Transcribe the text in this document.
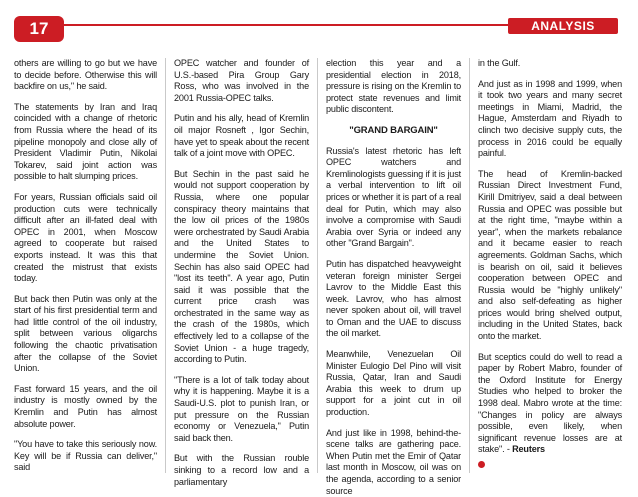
17	ANALYSIS

others are willing to go but we have to decide before. Otherwise this will backfire on us," he said.

The statements by Iran and Iraq coincided with a change of rhetoric from Russia where the head of its pipeline monopoly and close ally of President Vladimir Putin, Nikolai Tokarev, said joint action was possible to halt slumping prices.

For years, Russian officials said oil production cuts were technically difficult after an ill-fated deal with OPEC in 2001, when Moscow agreed to cooperate but raised exports instead. It was this that created the mistrust that exists today.

But back then Putin was only at the start of his first presidential term and had little control of the oil industry, split between various oligarchs following the chaotic privatisation after the collapse of the Soviet Union.

Fast forward 15 years, and the oil industry is mostly owned by the Kremlin and Putin has almost absolute power.

"You have to take this seriously now. Key will be if Russia can deliver," said

OPEC watcher and founder of U.S.-based Pira Group Gary Ross, who was involved in the 2001 Russia-OPEC talks.

Putin and his ally, head of Kremlin oil major Rosneft , Igor Sechin, have yet to speak about the recent talk of a joint move with OPEC.

But Sechin in the past said he would not support cooperation by Russia, where one popular conspiracy theory maintains that the low oil prices of the 1980s were orchestrated by Saudi Arabia and the United States to undermine the Soviet Union. Sechin has also said OPEC had "lost its teeth". A year ago, Putin said it was possible that the current price crash was orchestrated in the same way as the crash of the 1980s, which effectively led to a collapse of the Soviet Union - a huge tragedy, according to Putin.

"There is a lot of talk today about why it is happening. Maybe it is a Saudi-U.S. plot to punish Iran, or put pressure on the Russian economy or Venezuela," Putin said back then.

But with the Russian rouble sinking to a record low and a parliamentary

election this year and a presidential election in 2018, pressure is rising on the Kremlin to protect state revenues and limit public discontent.

"GRAND BARGAIN"

Russia's latest rhetoric has left OPEC watchers and Kremlinologists guessing if it is just a verbal intervention to lift oil prices or whether it is part of a real deal for Putin, which may also involve a compromise with Saudi Arabia over Syria or indeed any other "Grand Bargain".

Putin has dispatched heavyweight veteran foreign minister Sergei Lavrov to the Middle East this week. Lavrov, who has almost never spoken about oil, will travel to Oman and the UAE to discuss the oil market.

Meanwhile, Venezuelan Oil Minister Eulogio Del Pino will visit Russia, Qatar, Iran and Saudi Arabia this week to drum up support for a joint cut in oil production.

And just like in 1998, behind-the-scene talks are gathering pace. When Putin met the Emir of Qatar last month in Moscow, oil was on the agenda, according to a senior source

in the Gulf.

And just as in 1998 and 1999, when it took two years and many secret meetings in Miami, Madrid, the Hague, Amsterdam and Riyadh to clinch two decisive supply cuts, the process in 2016 could be equally painful.

The head of Kremlin-backed Russian Direct Investment Fund, Kirill Dmitriyev, said a deal between Russia and OPEC was possible but at the right time, "maybe within a year", when the markets rebalance and it became easier to reach agreements. Goldman Sachs, which is bearish on oil, said it believes cooperation between OPEC and Russia would be "highly unlikely" and also self-defeating as higher prices would bring shelved output, including in the United States, back onto the market.

But sceptics could do well to read a paper by Robert Mabro, founder of the Oxford Institute for Energy Studies who helped to broker the 1998 deal. Mabro wrote at the time: "Changes in policy are always possible, even likely, when significant revenue losses are at stake". - Reuters
